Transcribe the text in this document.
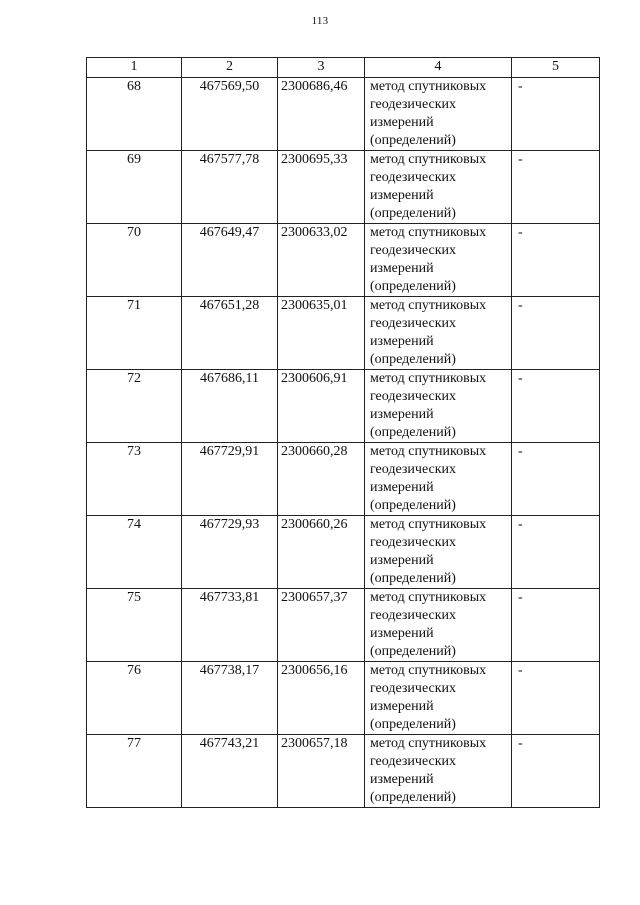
113
1	2	3	4	5
68	467569,50	2300686,46	метод спутниковых
геодезических
измерений
(определений)	-
69	467577,78	2300695,33	метод спутниковых
геодезических
измерений
(определений)	-
70	467649,47	2300633,02	метод спутниковых
геодезических
измерений
(определений)	-
71	467651,28	2300635,01	метод спутниковых
геодезических
измерений
(определений)	-
72	467686,11	2300606,91	метод спутниковых
геодезических
измерений
(определений)	-
73	467729,91	2300660,28	метод спутниковых
геодезических
измерений
(определений)	-
74	467729,93	2300660,26	метод спутниковых
геодезических
измерений
(определений)	-
75	467733,81	2300657,37	метод спутниковых
геодезических
измерений
(определений)	-
76	467738,17	2300656,16	метод спутниковых
геодезических
измерений
(определений)	-
77	467743,21	2300657,18	метод спутниковых
геодезических
измерений
(определений)	-
